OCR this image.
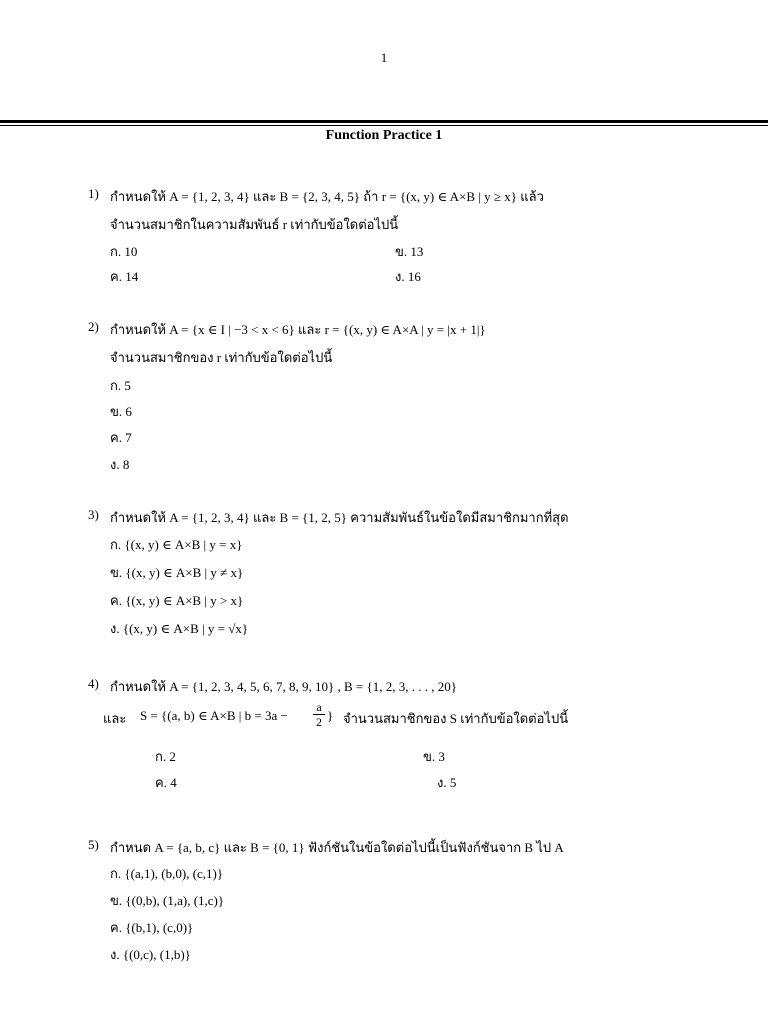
1
Function Practice 1
1) กำหนดให้ A = {1, 2, 3, 4} และ B = {2, 3, 4, 5} ถ้า r = {(x, y) ∈ A×B | y ≥ x} แล้ว
จำนวนสมาชิกในความสัมพันธ์ r เท่ากับข้อใดต่อไปนี้
ก. 10	ข. 13
ค. 14	ง. 16
2) กำหนดให้ A = {x ∈ I | −3 < x < 6} และ r = {(x, y) ∈ A×A | y = |x + 1|}
จำนวนสมาชิกของ r เท่ากับข้อใดต่อไปนี้
ก. 5
ข. 6
ค. 7
ง. 8
3) กำหนดให้ A = {1, 2, 3, 4} และ B = {1, 2, 5} ความสัมพันธ์ในข้อใดมีสมาชิกมากที่สุด
ก. {(x, y) ∈ A×B | y = x}
ข. {(x, y) ∈ A×B | y ≠ x}
ค. {(x, y) ∈ A×B | y > x}
ง. {(x, y) ∈ A×B | y = √x}
4) กำหนดให้ A = {1, 2, 3, 4, 5, 6, 7, 8, 9, 10} , B = {1, 2, 3, . . . , 20}
และ S = {(a, b) ∈ A×B | b = 3a −
a
2 } จำนวนสมาชิกของ S เท่ากับข้อใดต่อไปนี้
ก. 2	ข. 3
ค. 4	ง. 5
5) กำหนด A = {a, b, c} และ B = {0, 1} ฟังก์ชันในข้อใดต่อไปนี้เป็นฟังก์ชันจาก B ไป A
ก. {(a,1), (b,0), (c,1)}
ข. {(0,b), (1,a), (1,c)}
ค. {(b,1), (c,0)}
ง. {(0,c), (1,b)}
